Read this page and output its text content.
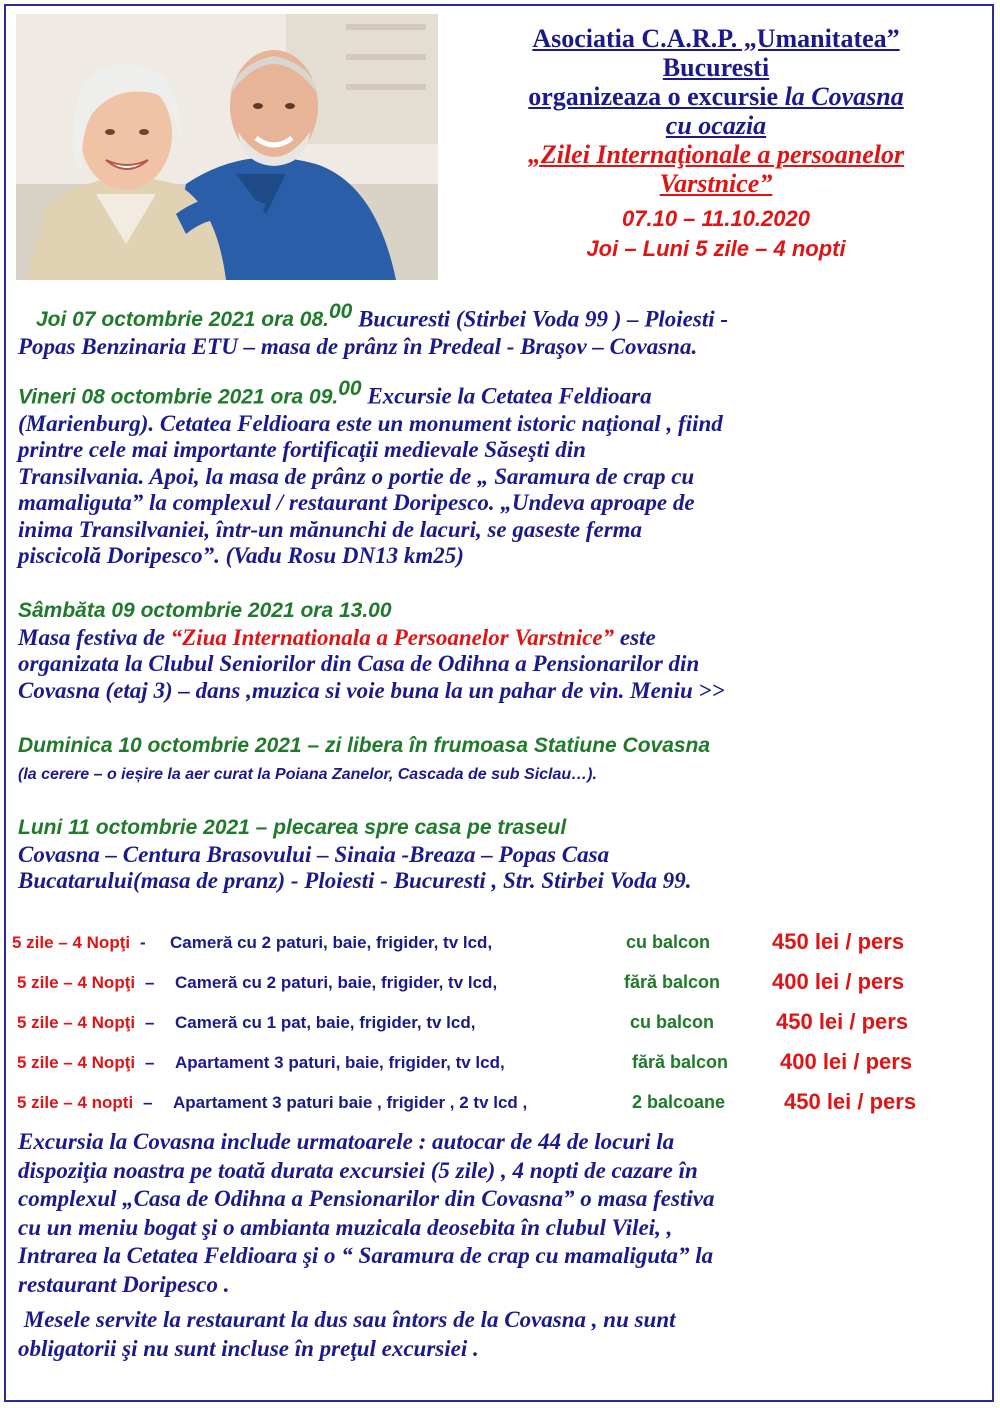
Asociatia C.A.R.P. „Umanitatea”
Bucuresti
organizeaza o excursie la Covasna
cu ocazia
„Zilei Internaţionale a persoanelor
Varstnice”
07.10 – 11.10.2020
Joi – Luni 5 zile – 4 nopti
Joi 07 octombrie 2021 ora 08.00 Bucuresti (Stirbei Voda 99 ) – Ploiesti -
Popas Benzinaria ETU – masa de prânz în Predeal - Braşov – Covasna.
Vineri 08 octombrie 2021 ora 09.00 Excursie la Cetatea Feldioara
(Marienburg). Cetatea Feldioara este un monument istoric naţional , fiind
printre cele mai importante fortificaţii medievale Săseşti din
Transilvania. Apoi, la masa de prânz o portie de „ Saramura de crap cu
mamaliguta” la complexul / restaurant Doripesco. „Undeva aproape de
inima Transilvaniei, într-un mănunchi de lacuri, se gaseste ferma
piscicolă Doripesco”. (Vadu Rosu DN13 km25)
Sâmbăta 09 octombrie 2021 ora 13.00
Masa festiva de “Ziua Internationala a Persoanelor Varstnice” este
organizata la Clubul Seniorilor din Casa de Odihna a Pensionarilor din
Covasna (etaj 3) – dans ,muzica si voie buna la un pahar de vin. Meniu >>
Duminica 10 octombrie 2021 – zi libera în frumoasa Statiune Covasna
(la cerere – o ieșire la aer curat la Poiana Zanelor, Cascada de sub Siclau…).
Luni 11 octombrie 2021 – plecarea spre casa pe traseul
Covasna – Centura Brasovului – Sinaia -Breaza – Popas Casa
Bucatarului(masa de pranz) - Ploiesti - Bucuresti , Str. Stirbei Voda 99.
5 zile – 4 Nopţi - Cameră cu 2 paturi, baie, frigider, tv lcd,	cu balcon	450 lei / pers
5 zile – 4 Nopţi – Cameră cu 2 paturi, baie, frigider, tv lcd,	fără balcon 400 lei / pers
5 zile – 4 Nopţi – Cameră cu 1 pat, baie, frigider, tv lcd,	cu balcon	450 lei / pers
5 zile – 4 Nopţi – Apartament 3 paturi, baie, frigider, tv lcd,	fără balcon 400 lei / pers
5 zile – 4 nopti – Apartament 3 paturi baie , frigider , 2 tv lcd ,	2 balcoane	450 lei / pers
Excursia la Covasna include urmatoarele : autocar de 44 de locuri la
dispoziţia noastra pe toată durata excursiei (5 zile) , 4 nopti de cazare în
complexul „Casa de Odihna a Pensionarilor din Covasna” o masa festiva
cu un meniu bogat şi o ambianta muzicala deosebita în clubul Vilei, ,
Intrarea la Cetatea Feldioara şi o “ Saramura de crap cu mamaliguta” la
restaurant Doripesco .
Mesele servite la restaurant la dus sau întors de la Covasna , nu sunt
obligatorii şi nu sunt incluse în preţul excursiei .
